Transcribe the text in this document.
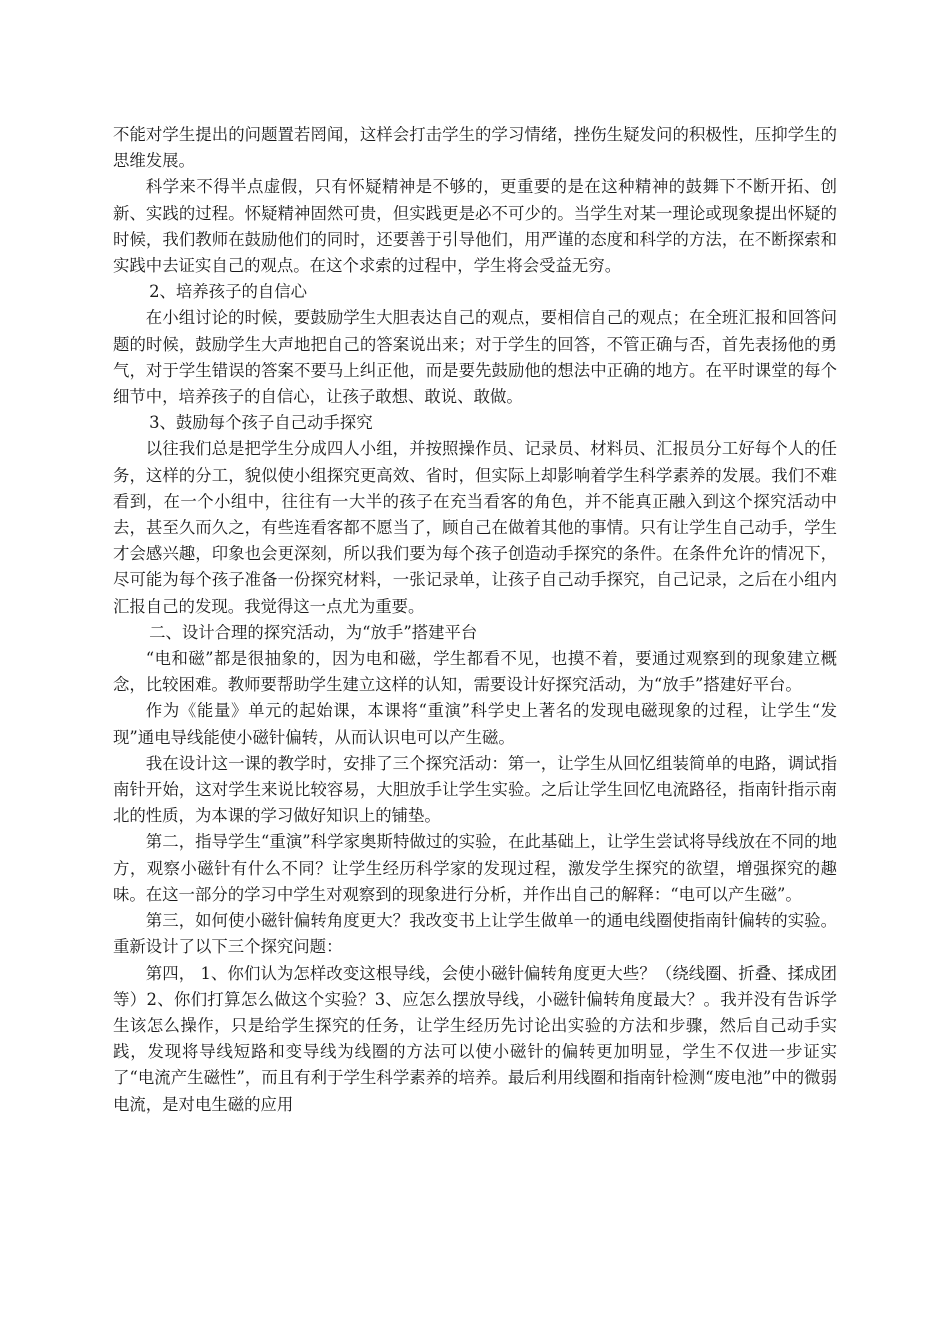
不能对学生提出的问题置若罔闻，这样会打击学生的学习情绪，挫伤生疑发问的积极性，压抑学生的思维发展。

科学来不得半点虚假，只有怀疑精神是不够的，更重要的是在这种精神的鼓舞下不断开拓、创新、实践的过程。怀疑精神固然可贵，但实践更是必不可少的。当学生对某一理论或现象提出怀疑的时候，我们教师在鼓励他们的同时，还要善于引导他们，用严谨的态度和科学的方法，在不断探索和实践中去证实自己的观点。在这个求索的过程中，学生将会受益无穷。

2、培养孩子的自信心

在小组讨论的时候，要鼓励学生大胆表达自己的观点，要相信自己的观点；在全班汇报和回答问题的时候，鼓励学生大声地把自己的答案说出来；对于学生的回答，不管正确与否，首先表扬他的勇气，对于学生错误的答案不要马上纠正他，而是要先鼓励他的想法中正确的地方。在平时课堂的每个细节中，培养孩子的自信心，让孩子敢想、敢说、敢做。

3、鼓励每个孩子自己动手探究

以往我们总是把学生分成四人小组，并按照操作员、记录员、材料员、汇报员分工好每个人的任务，这样的分工，貌似使小组探究更高效、省时，但实际上却影响着学生科学素养的发展。我们不难看到，在一个小组中，往往有一大半的孩子在充当看客的角色，并不能真正融入到这个探究活动中去，甚至久而久之，有些连看客都不愿当了，顾自己在做着其他的事情。只有让学生自己动手，学生才会感兴趣，印象也会更深刻，所以我们要为每个孩子创造动手探究的条件。在条件允许的情况下，尽可能为每个孩子准备一份探究材料，一张记录单，让孩子自己动手探究，自己记录，之后在小组内汇报自己的发现。我觉得这一点尤为重要。

二、设计合理的探究活动，为“放手”搭建平台

“电和磁”都是很抽象的，因为电和磁，学生都看不见，也摸不着，要通过观察到的现象建立概念，比较困难。教师要帮助学生建立这样的认知，需要设计好探究活动，为“放手”搭建好平台。

作为《能量》单元的起始课，本课将“重演”科学史上著名的发现电磁现象的过程，让学生“发现”通电导线能使小磁针偏转，从而认识电可以产生磁。

我在设计这一课的教学时，安排了三个探究活动：第一，让学生从回忆组装简单的电路，调试指南针开始，这对学生来说比较容易，大胆放手让学生实验。之后让学生回忆电流路径，指南针指示南北的性质，为本课的学习做好知识上的铺垫。

第二，指导学生“重演”科学家奥斯特做过的实验，在此基础上，让学生尝试将导线放在不同的地方，观察小磁针有什么不同？让学生经历科学家的发现过程，激发学生探究的欲望，增强探究的趣味。在这一部分的学习中学生对观察到的现象进行分析，并作出自己的解释：“电可以产生磁”。

第三，如何使小磁针偏转角度更大？我改变书上让学生做单一的通电线圈使指南针偏转的实验。重新设计了以下三个探究问题：

第四， 1、你们认为怎样改变这根导线，会使小磁针偏转角度更大些？（绕线圈、折叠、揉成团等）2、你们打算怎么做这个实验？3、应怎么摆放导线，小磁针偏转角度最大？。我并没有告诉学生该怎么操作，只是给学生探究的任务，让学生经历先讨论出实验的方法和步骤，然后自己动手实践，发现将导线短路和变导线为线圈的方法可以使小磁针的偏转更加明显，学生不仅进一步证实了“电流产生磁性”，而且有利于学生科学素养的培养。最后利用线圈和指南针检测“废电池”中的微弱电流，是对电生磁的应用
